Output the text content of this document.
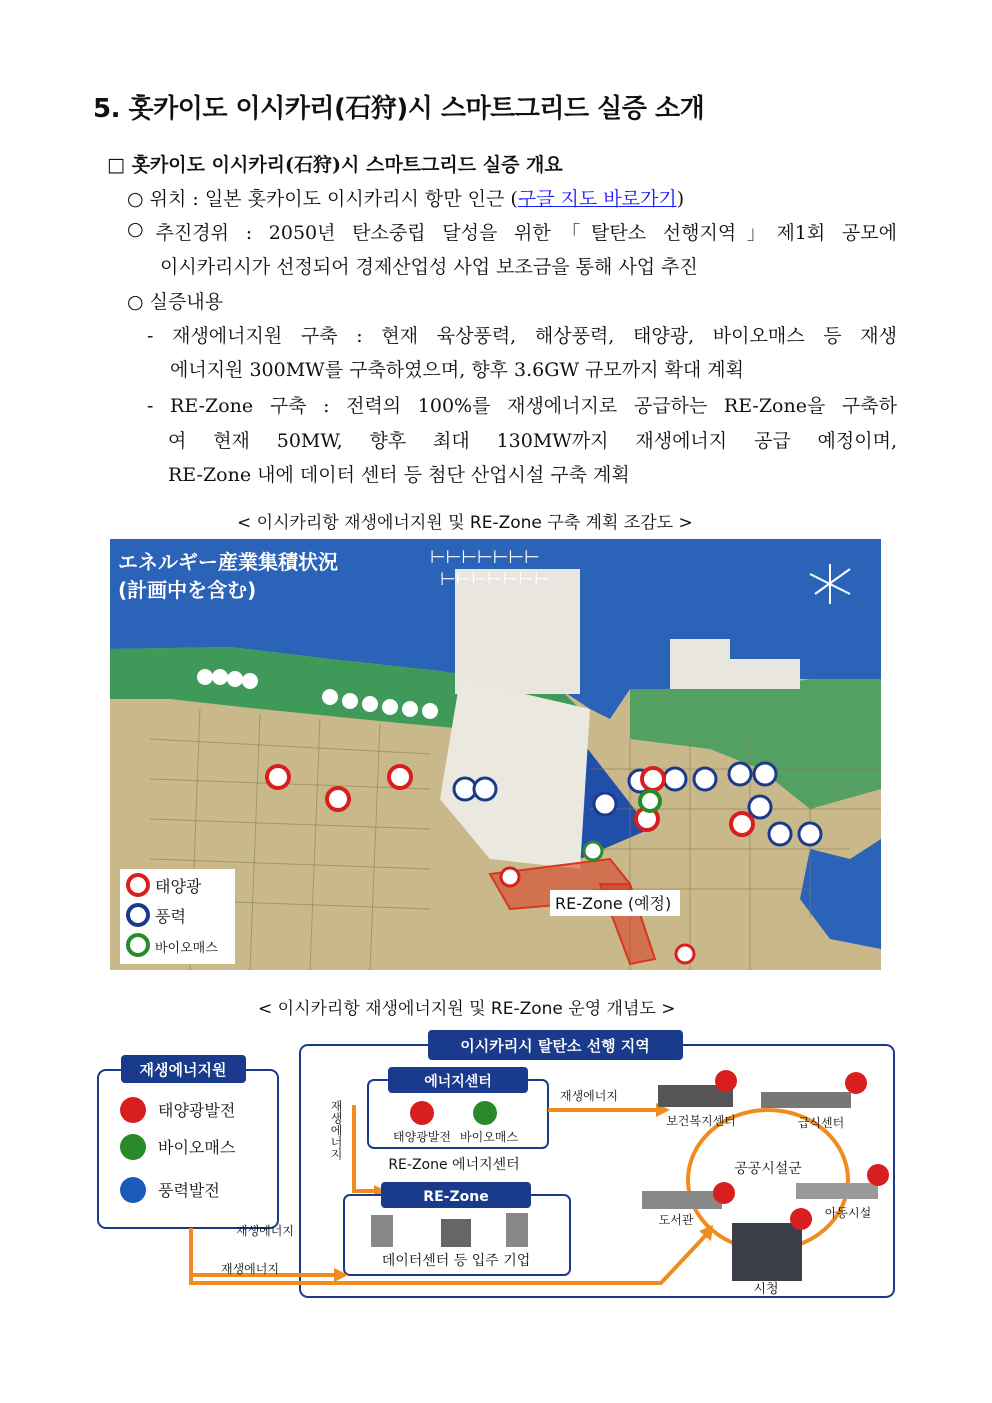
5. 홋카이도 이시카리(石狩)시 스마트그리드 실증 소개
□ 홋카이도 이시카리(石狩)시 스마트그리드 실증 개요
○ 위치 : 일본 홋카이도 이시카리시 항만 인근 (구글 지도 바로가기)
○ 추진경위 : 2050년 탄소중립 달성을 위한「탈탄소 선행지역」제1회 공모에
이시카리시가 선정되어 경제산업성 사업 보조금을 통해 사업 추진
○ 실증내용
- 재생에너지원 구축 : 현재 육상풍력, 해상풍력, 태양광, 바이오매스 등 재생
에너지원 300MW를 구축하였으며, 향후 3.6GW 규모까지 확대 계획
- RE-Zone 구축 : 전력의 100%를 재생에너지로 공급하는 RE-Zone을 구축하
여 현재 50MW, 향후 최대 130MW까지 재생에너지 공급 예정이며,
RE-Zone 내에 데이터 센터 등 첨단 산업시설 구축 계획
< 이시카리항 재생에너지원 및 RE-Zone 구축 계획 조감도 >
エネルギー産業集積状況
(計画中を含む)
⊢⊢⊢⊢⊢⊢⊢
⊢⊢⊢⊢⊢⊢⊢
태양광
풍력
바이오매스
RE-Zone (예정)
< 이시카리항 재생에너지원 및 RE-Zone 운영 개념도 >
재생에너지원
태양광발전
바이오매스
풍력발전
이시카리시 탈탄소 선행 지역
에너지센터
태양광발전 바이오매스
RE-Zone 에너지센터
재생에너지
RE-Zone
데이터센터 등 입주 기업
재생에너지
재생에너지
재생에너지
공공시설군
보건복지센터	급식센터
도서관	아동시설
시청
